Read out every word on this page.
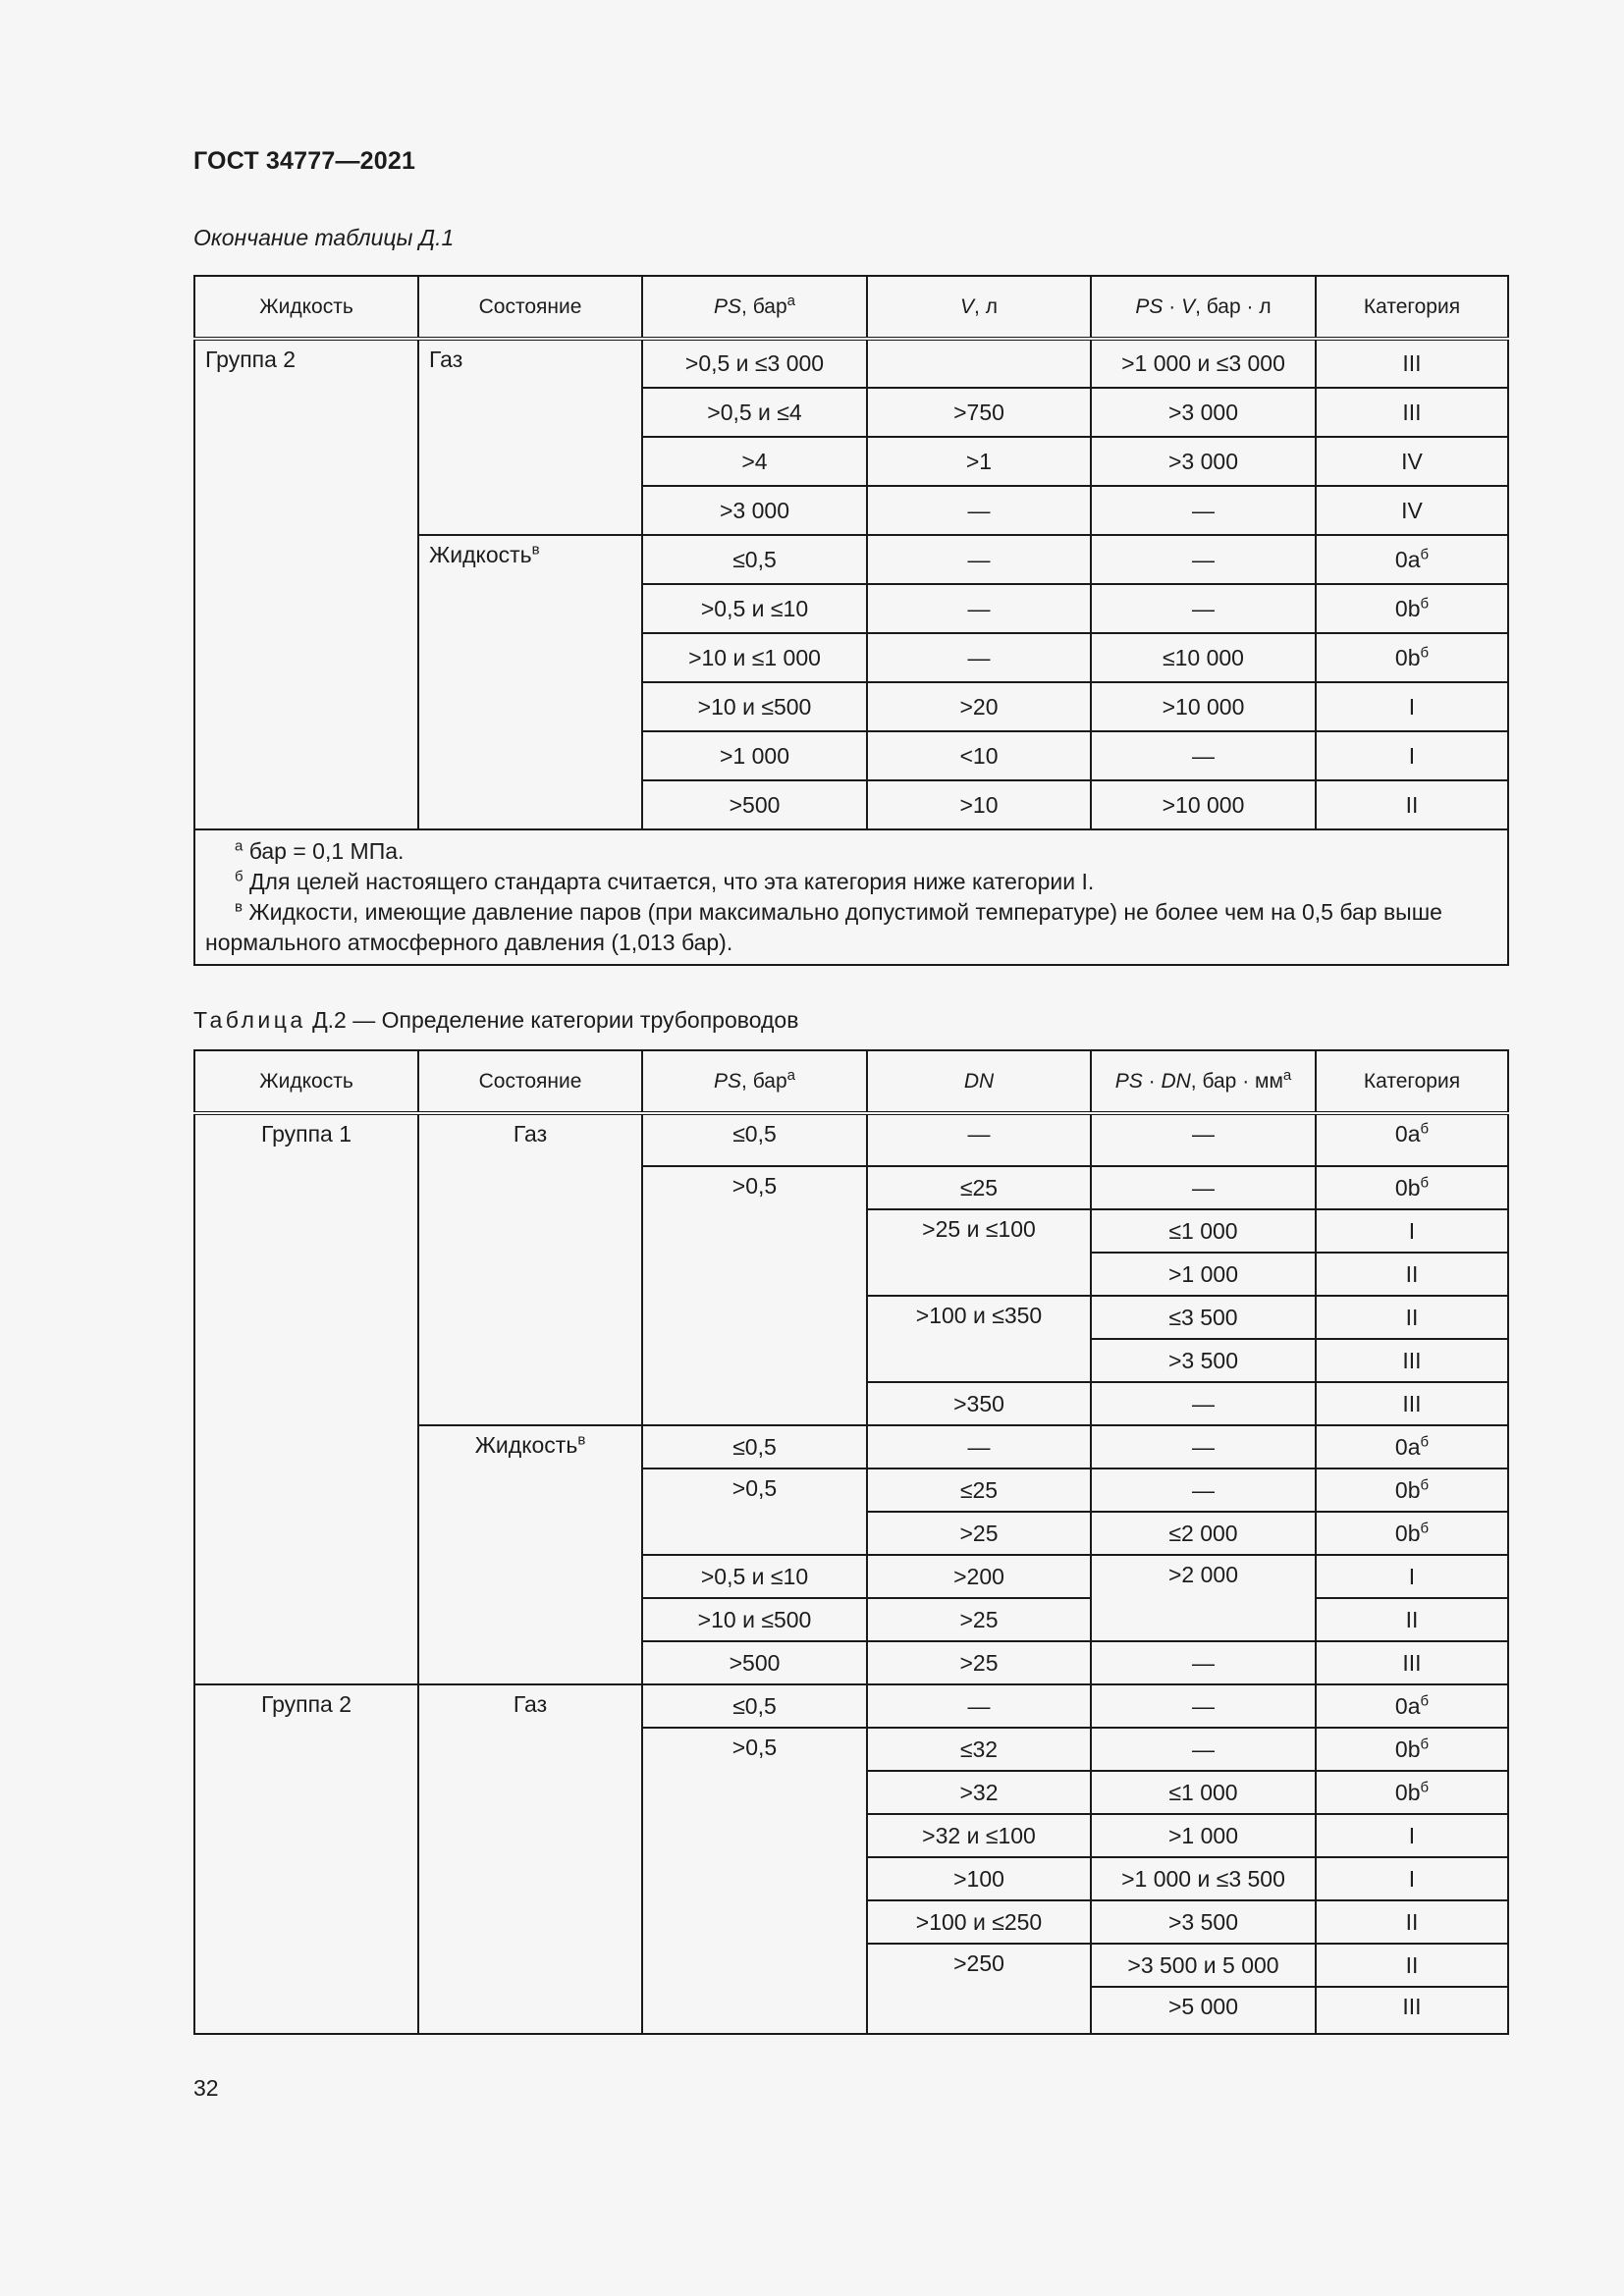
ГОСТ 34777—2021
Окончание таблицы Д.1
Жидкость	Состояние	PS, бар$^а$	V, л	PS · V, бар · л	Категория
Группа 2	Газ	>0,5 и ≤3 000		>1 000 и ≤3 000	III
		>0,5 и ≤4	>750	>3 000	III
		>4	>1	>3 000	IV
		>3 000	—	—	IV
	Жидкость$^в$	≤0,5	—	—	$0a^б$
		>0,5 и ≤10	—	—	$0b^б$
		>10 и ≤1 000	—	≤10 000	$0b^б$
		>10 и ≤500	>20	>10 000	I
		>1 000	<10	—	I
		>500	>10	>10 000	II

$^а$ бар = 0,1 МПа.
$^б$ Для целей настоящего стандарта считается, что эта категория ниже категории I.
$^в$ Жидкости, имеющие давление паров (при максимально допустимой температуре) не более чем на 0,5 бар выше нормального атмосферного давления (1,013 бар).					
Таблица Д.2 — Определение категории трубопроводов
Жидкость	Состояние	PS, бар$^а$	DN	PS · DN, бар · $мм^а$	Категория
Группа 1	Газ	≤0,5	—	—	$0a^б$
		>0,5	≤25	—	$0b^б$
			>25 и ≤100	≤1 000	I
				>1 000	II
			>100 и ≤350	≤3 500	II
				>3 500	III
			>350	—	III
	Жидкость$^в$	≤0,5	—	—	$0a^б$
		>0,5	≤25	—	$0b^б$
			>25	≤2 000	$0b^б$
		>0,5 и ≤10	>200	>2 000	I
		>10 и ≤500	>25		II
		>500	>25	—	III
Группа 2	Газ	≤0,5	—	—	$0a^б$
		>0,5	≤32	—	$0b^б$
			>32	≤1 000	$0b^б$
			>32 и ≤100	>1 000	I
			>100	>1 000 и ≤3 500	I
			>100 и ≤250	>3 500	II
			>250	>3 500 и 5 000	II
				>5 000	III
32
